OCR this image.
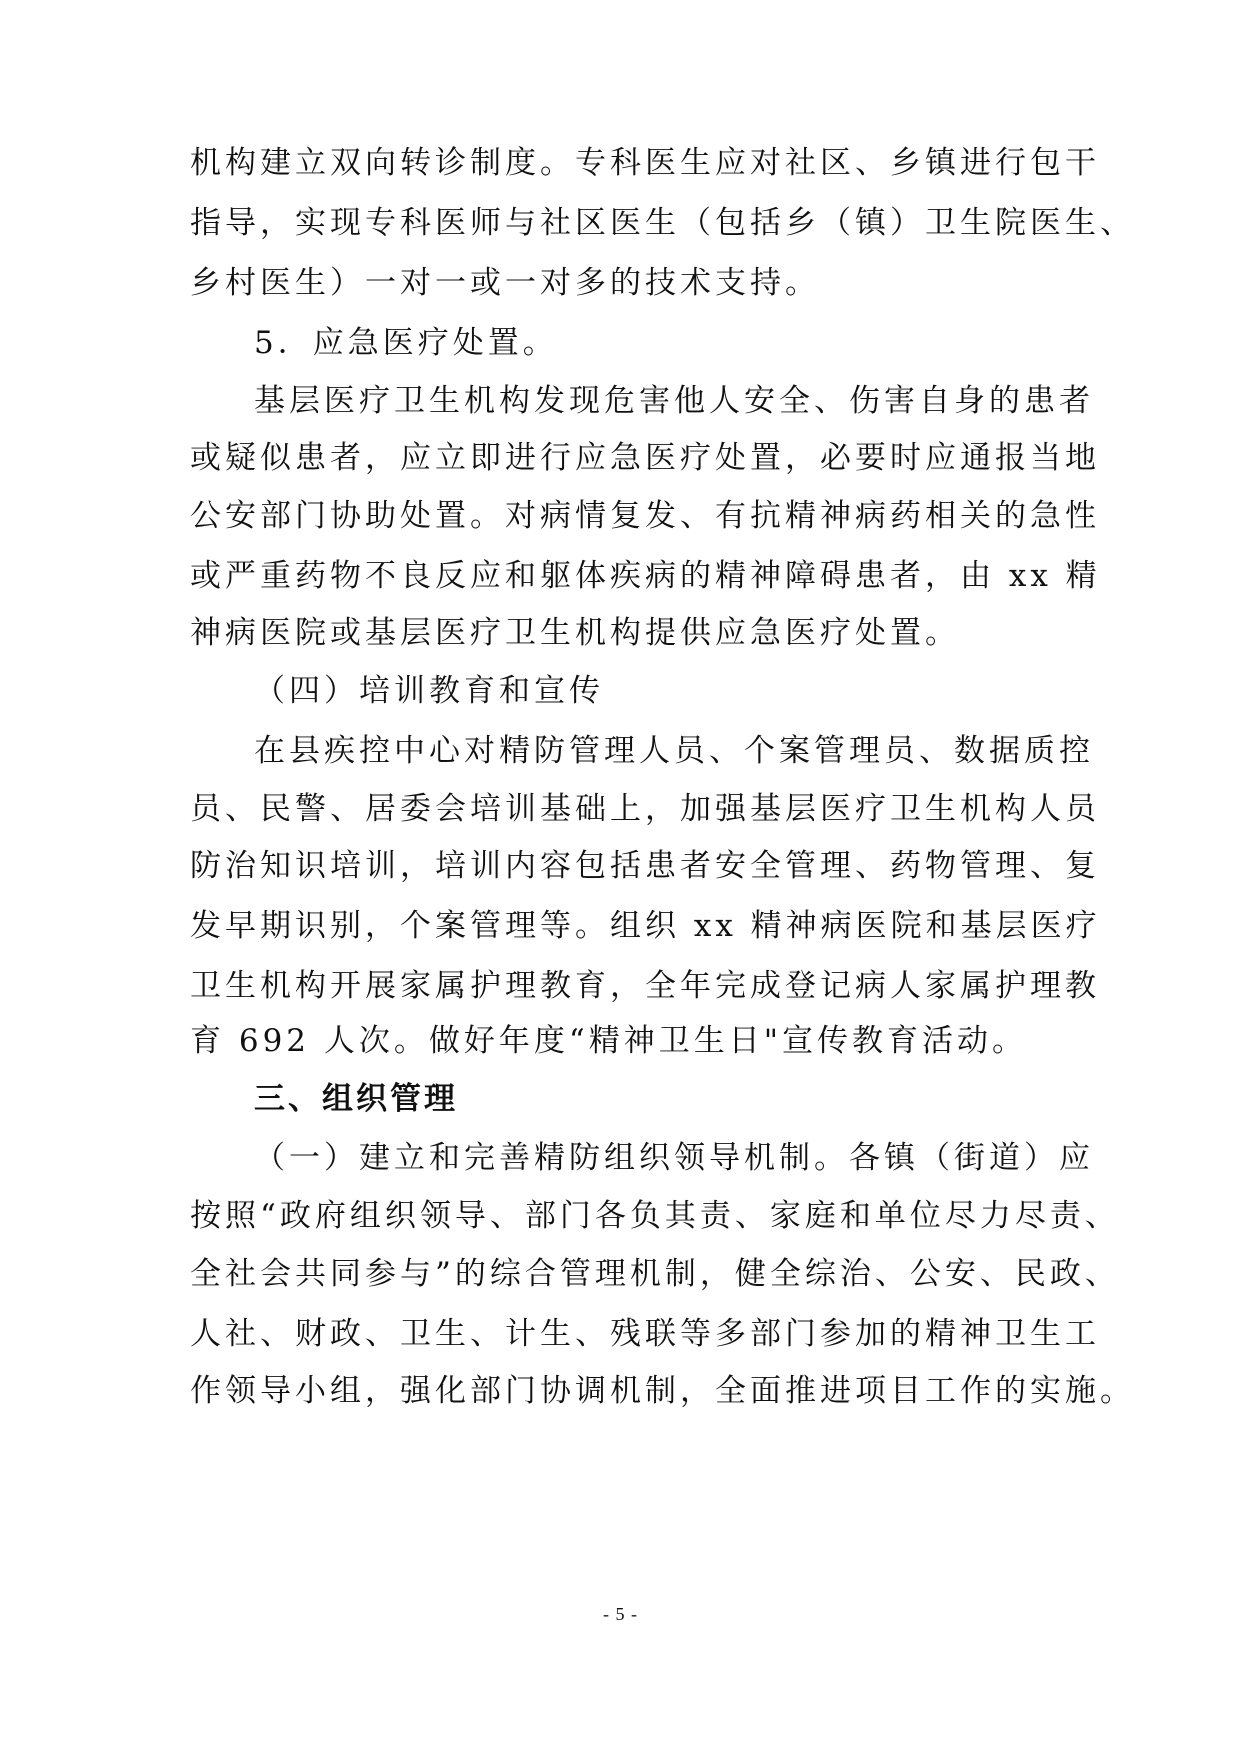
机构建立双向转诊制度。专科医生应对社区、乡镇进行包干
指导，实现专科医师与社区医生（包括乡（镇）卫生院医生、
乡村医生）一对一或一对多的技术支持。
5．应急医疗处置。
基层医疗卫生机构发现危害他人安全、伤害自身的患者
或疑似患者，应立即进行应急医疗处置，必要时应通报当地
公安部门协助处置。对病情复发、有抗精神病药相关的急性
或严重药物不良反应和躯体疾病的精神障碍患者，由 xx 精
神病医院或基层医疗卫生机构提供应急医疗处置。
（四）培训教育和宣传
在县疾控中心对精防管理人员、个案管理员、数据质控
员、民警、居委会培训基础上，加强基层医疗卫生机构人员
防治知识培训，培训内容包括患者安全管理、药物管理、复
发早期识别，个案管理等。组织 xx 精神病医院和基层医疗
卫生机构开展家属护理教育，全年完成登记病人家属护理教
育 692 人次。做好年度“精神卫生日"宣传教育活动。
三、组织管理
（一）建立和完善精防组织领导机制。各镇（街道）应
按照“政府组织领导、部门各负其责、家庭和单位尽力尽责、
全社会共同参与”的综合管理机制，健全综治、公安、民政、
人社、财政、卫生、计生、残联等多部门参加的精神卫生工
作领导小组，强化部门协调机制，全面推进项目工作的实施。
- 5 -
